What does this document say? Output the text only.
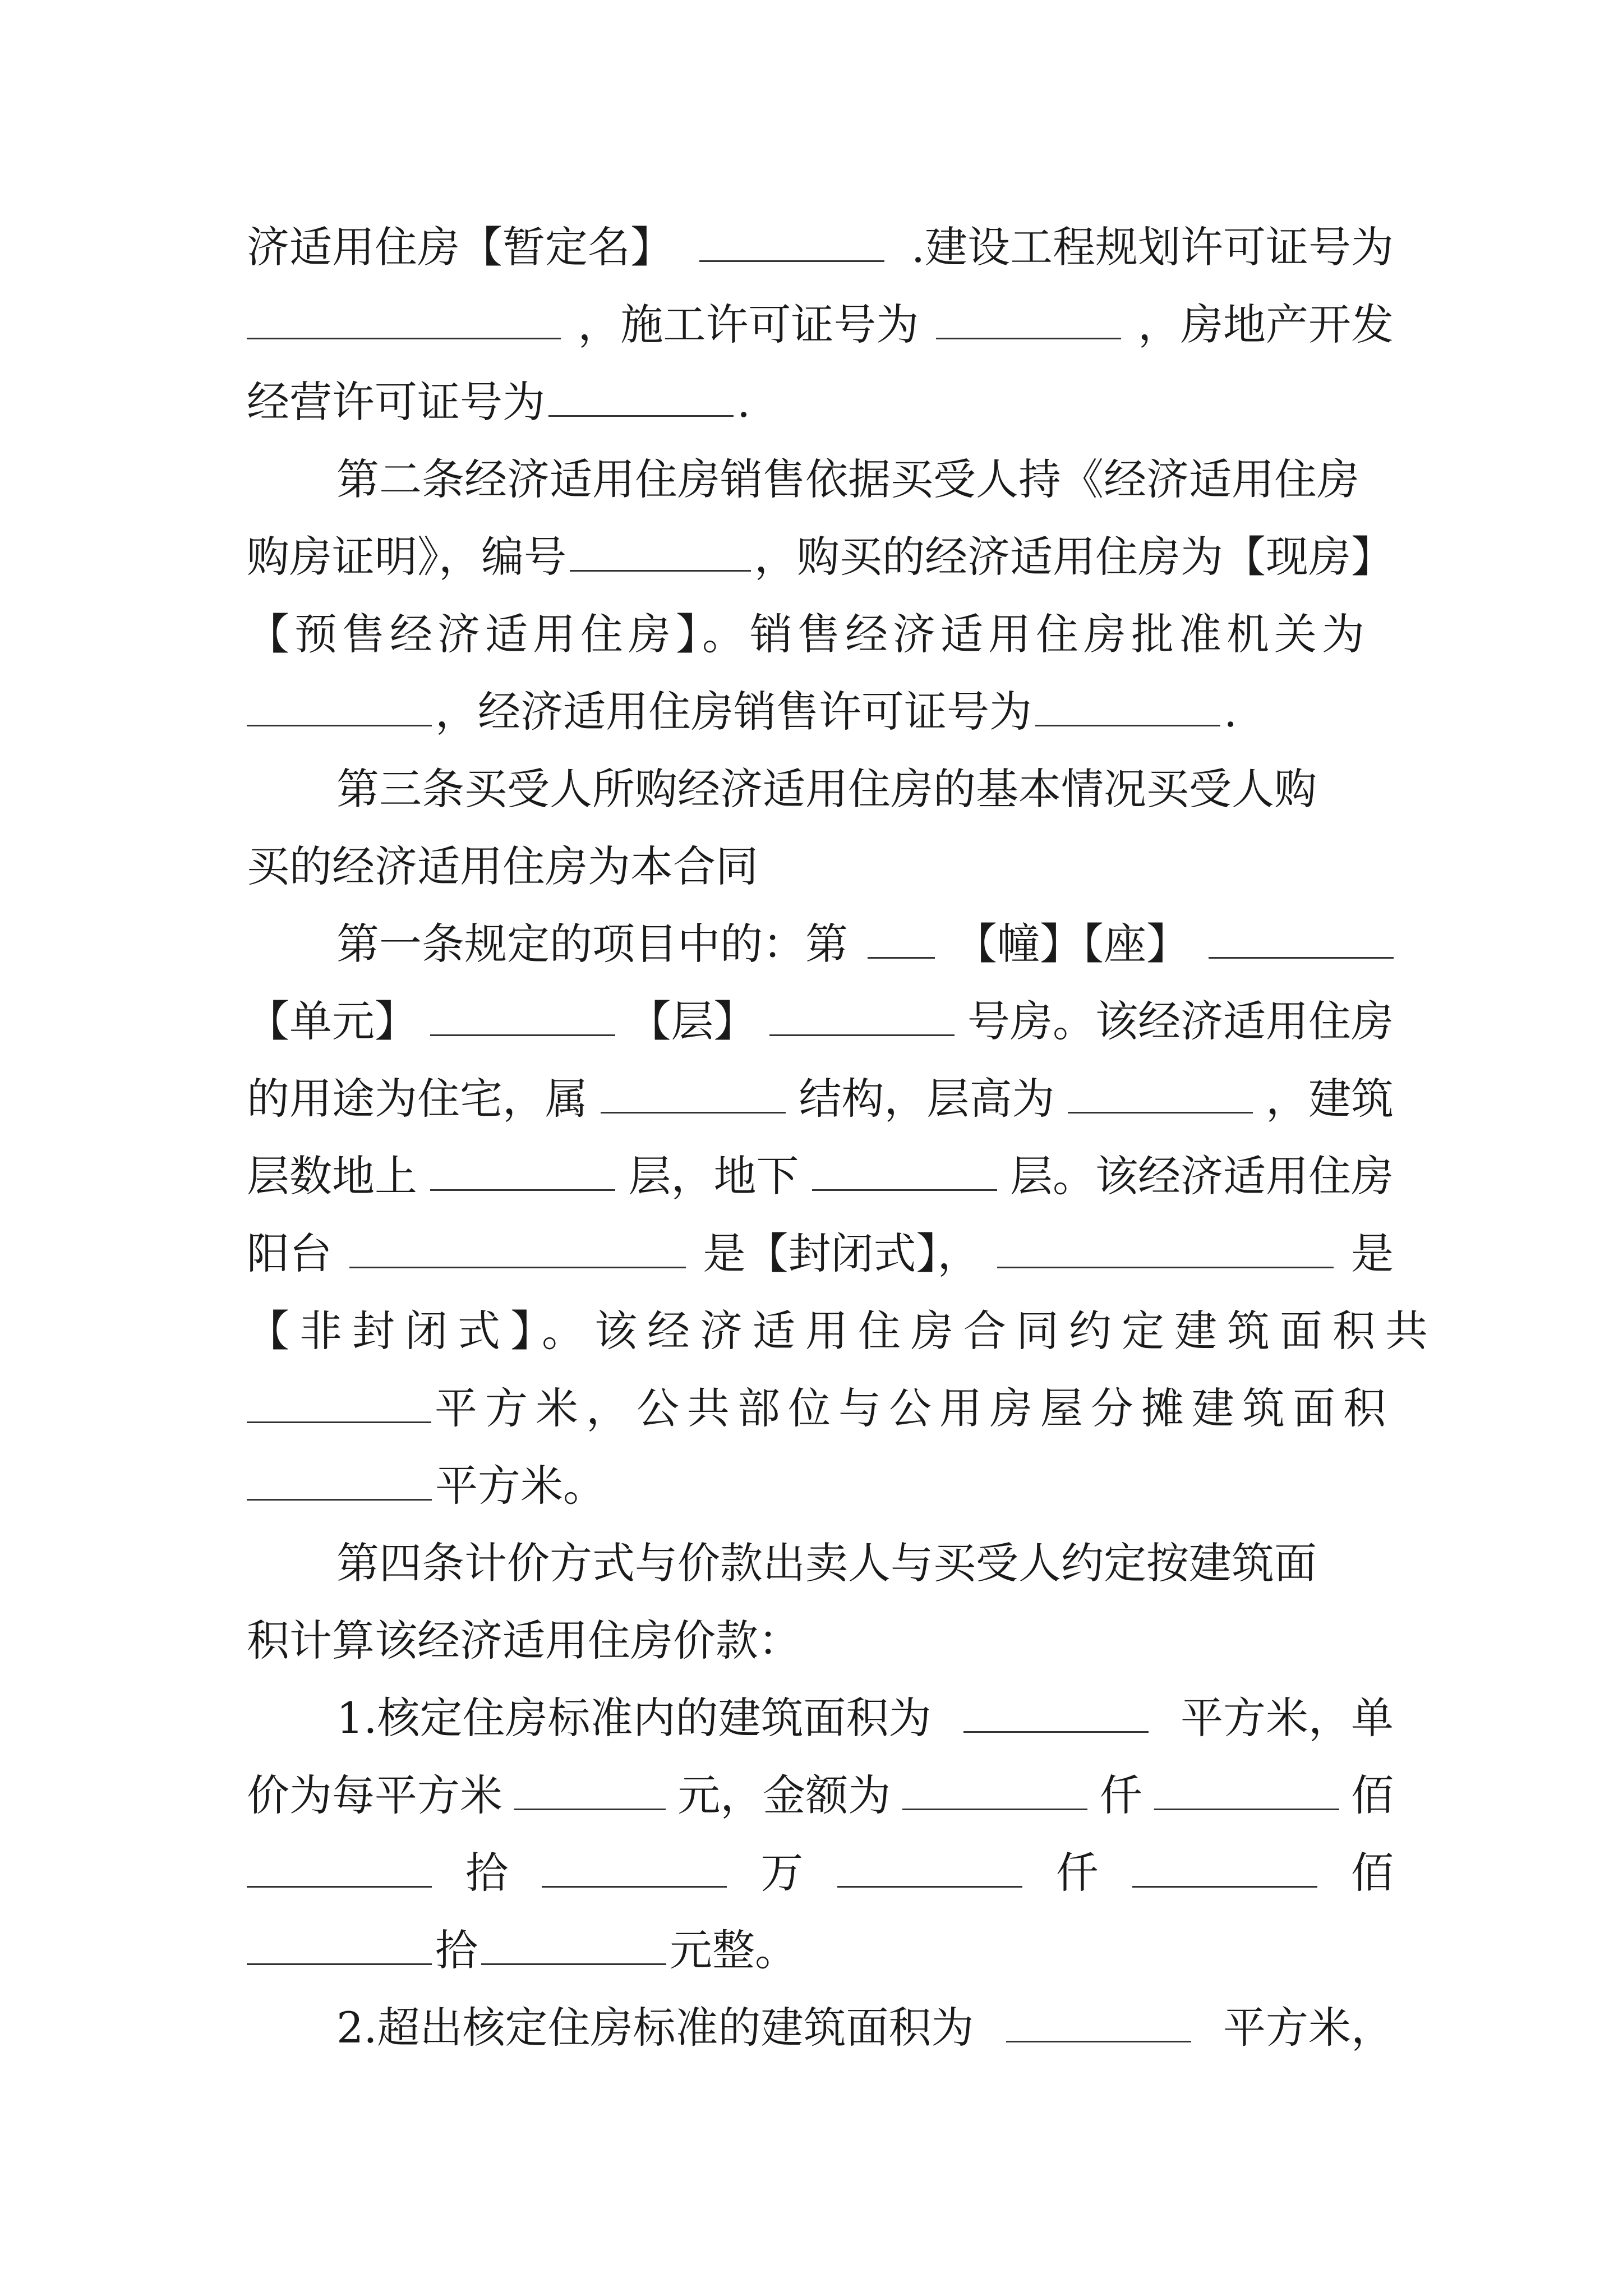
济适用住房【暂定名】	.建设工程规划许可证号为
，施工许可证号为	，房地产开发
经营许可证号为	.
第二条经济适用住房销售依据买受人持《经济适用住房
购房证明》，编号	，购买的经济适用住房为【现房】
【预售经济适用住房】。销售经济适用住房批准机关为
，经济适用住房销售许可证号为	.
第三条买受人所购经济适用住房的基本情况买受人购
买的经济适用住房为本合同
第一条规定的项目中的：第	【幢】【座】
【单元】	【层】	号房。该经济适用住房
的用途为住宅，属	结构，层高为	，建筑
层数地上	层，地下	层。该经济适用住房
阳台	是【封闭式】，	是
【非封闭式】。该经济适用住房合同约定建筑面积共
平方米，公共部位与公用房屋分摊建筑面积
平方米。
第四条计价方式与价款出卖人与买受人约定按建筑面
积计算该经济适用住房价款：
1.核定住房标准内的建筑面积为	平方米，单
价为每平方米	元，金额为	仟	佰
拾	万	仟	佰
拾	元整。
2.超出核定住房标准的建筑面积为	平方米，
